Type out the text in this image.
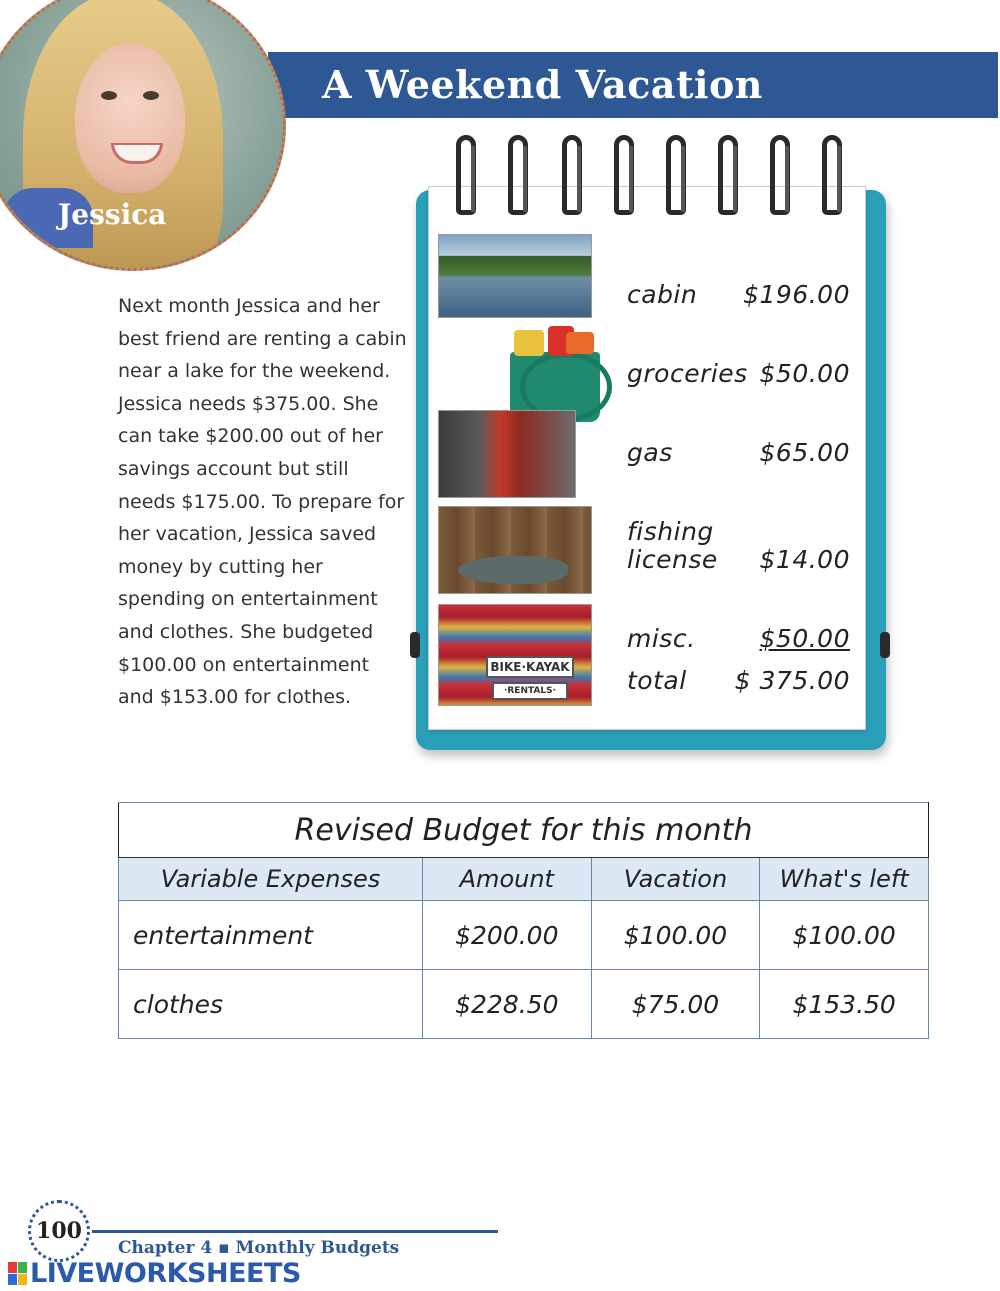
A Weekend Vacation
Jessica
Next month Jessica and her best friend are renting a cabin near a lake for the weekend. Jessica needs $375.00. She can take $200.00 out of her savings account but still needs $175.00. To prepare for her vacation, Jessica saved money by cutting her spending on entertainment and clothes. She budgeted $100.00 on entertainment and $153.00 for clothes.
BIKE·KAYAK
·RENTALS·
cabin	$196.00
groceries $50.00
gas	$65.00
fishing
license	$14.00
misc.	$50.00
total	$ 375.00
Revised Budget for this month			
Variable Expenses	Amount	Vacation	What's left
entertainment	$200.00	$100.00	$100.00
clothes	$228.50	$75.00	$153.50
100
Chapter 4 ▪ Monthly Budgets
LIVEWORKSHEETS
